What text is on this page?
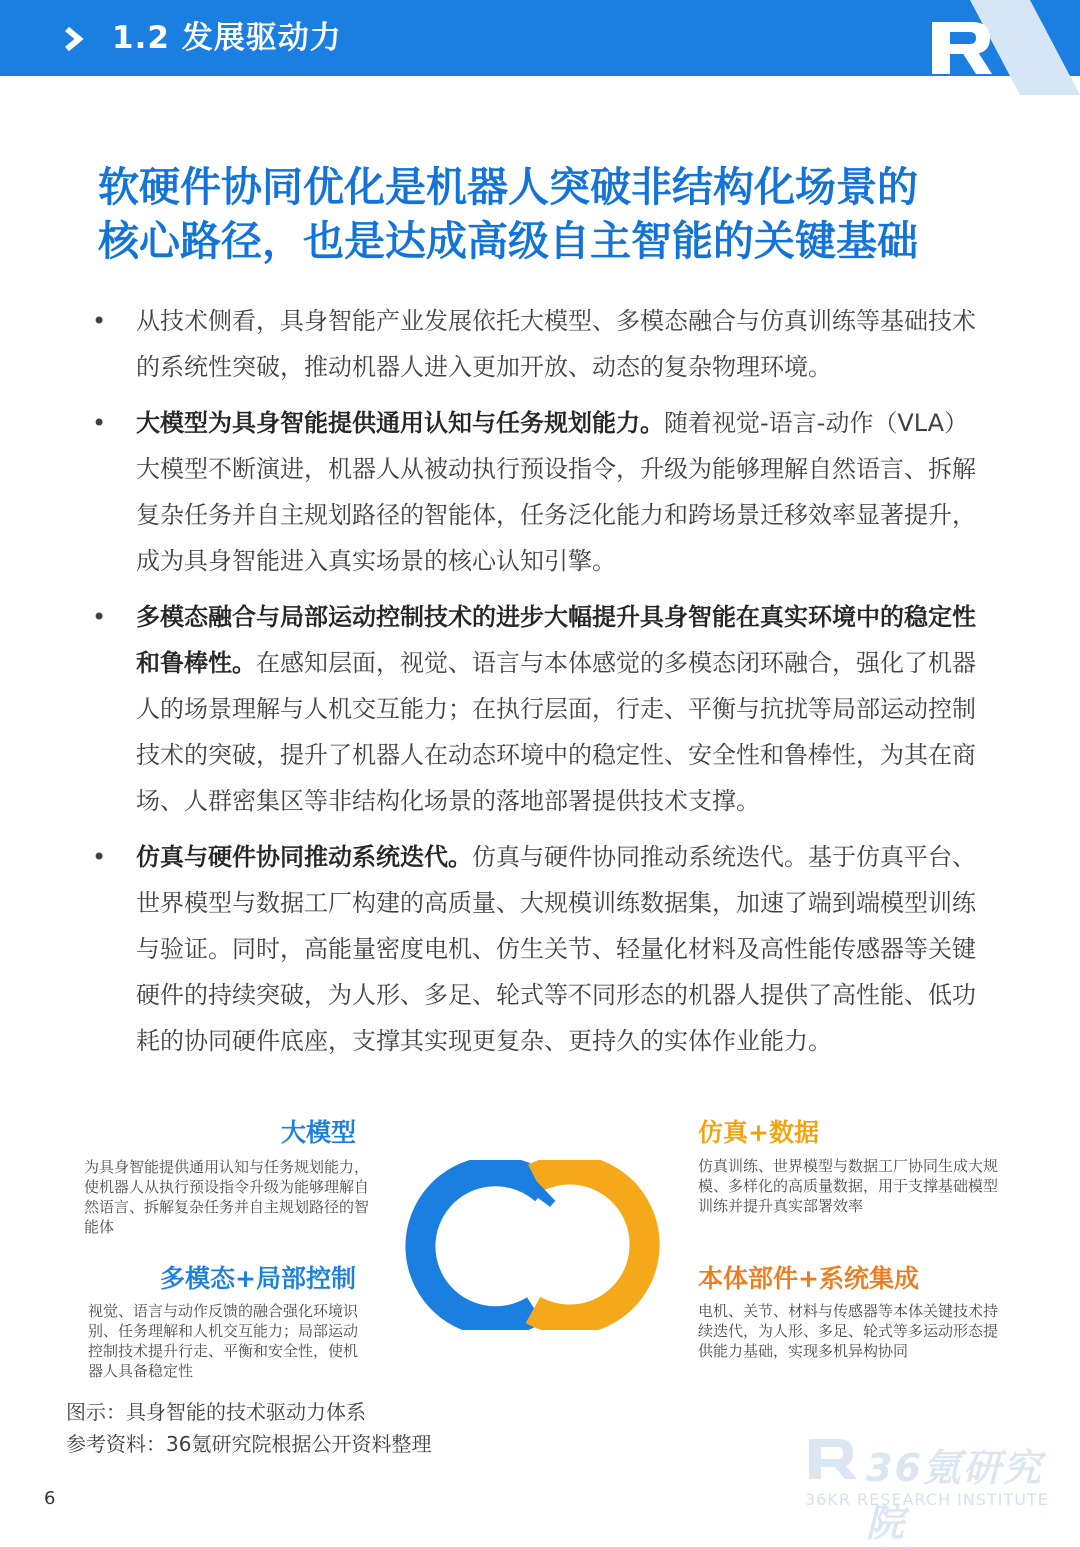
1.2 发展驱动力
软硬件协同优化是机器人突破非结构化场景的
核心路径，也是达成高级自主智能的关键基础
• 从技术侧看，具身智能产业发展依托大模型、多模态融合与仿真训练等基础技术的系统性突破，推动机器人进入更加开放、动态的复杂物理环境。
• 大模型为具身智能提供通用认知与任务规划能力。随着视觉-语言-动作（VLA）大模型不断演进，机器人从被动执行预设指令，升级为能够理解自然语言、拆解复杂任务并自主规划路径的智能体，任务泛化能力和跨场景迁移效率显著提升，成为具身智能进入真实场景的核心认知引擎。
• 多模态融合与局部运动控制技术的进步大幅提升具身智能在真实环境中的稳定性和鲁棒性。在感知层面，视觉、语言与本体感觉的多模态闭环融合，强化了机器人的场景理解与人机交互能力；在执行层面，行走、平衡与抗扰等局部运动控制技术的突破，提升了机器人在动态环境中的稳定性、安全性和鲁棒性，为其在商场、人群密集区等非结构化场景的落地部署提供技术支撑。
• 仿真与硬件协同推动系统迭代。仿真与硬件协同推动系统迭代。基于仿真平台、世界模型与数据工厂构建的高质量、大规模训练数据集，加速了端到端模型训练与验证。同时，高能量密度电机、仿生关节、轻量化材料及高性能传感器等关键硬件的持续突破，为人形、多足、轮式等不同形态的机器人提供了高性能、低功耗的协同硬件底座，支撑其实现更复杂、更持久的实体作业能力。
大模型
为具身智能提供通用认知与任务规划能力，使机器人从执行预设指令升级为能够理解自然语言、拆解复杂任务并自主规划路径的智能体
多模态+局部控制
视觉、语言与动作反馈的融合强化环境识别、任务理解和人机交互能力；局部运动控制技术提升行走、平衡和安全性，使机器人具备稳定性
仿真+数据
仿真训练、世界模型与数据工厂协同生成大规模、多样化的高质量数据，用于支撑基础模型训练并提升真实部署效率
本体部件+系统集成
电机、关节、材料与传感器等本体关键技术持续迭代，为人形、多足、轮式等多运动形态提供能力基础，实现多机异构协同
图示：具身智能的技术驱动力体系
参考资料：36氪研究院根据公开资料整理
6
36氪研究院
36KR RESEARCH INSTITUTE
